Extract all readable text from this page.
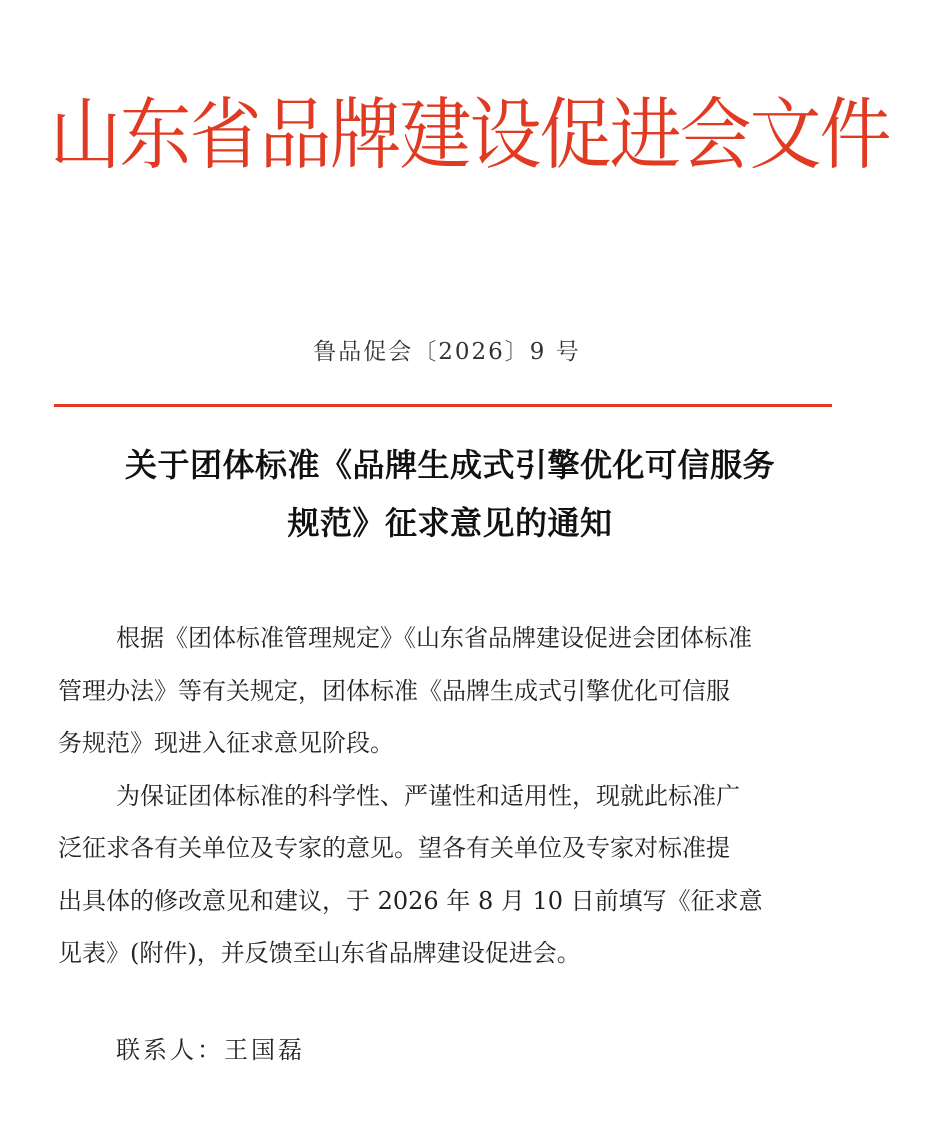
山东省品牌建设促进会文件
鲁品促会〔2026〕9 号
关于团体标准《品牌生成式引擎优化可信服务
规范》征求意见的通知
根据《团体标准管理规定》《山东省品牌建设促进会团体标准
管理办法》等有关规定，团体标准《品牌生成式引擎优化可信服
务规范》现进入征求意见阶段。
为保证团体标准的科学性、严谨性和适用性，现就此标准广
泛征求各有关单位及专家的意见。望各有关单位及专家对标准提
出具体的修改意见和建议，于 2026 年 8 月 10 日前填写《征求意
见表》(附件)，并反馈至山东省品牌建设促进会。
联系人：王国磊
